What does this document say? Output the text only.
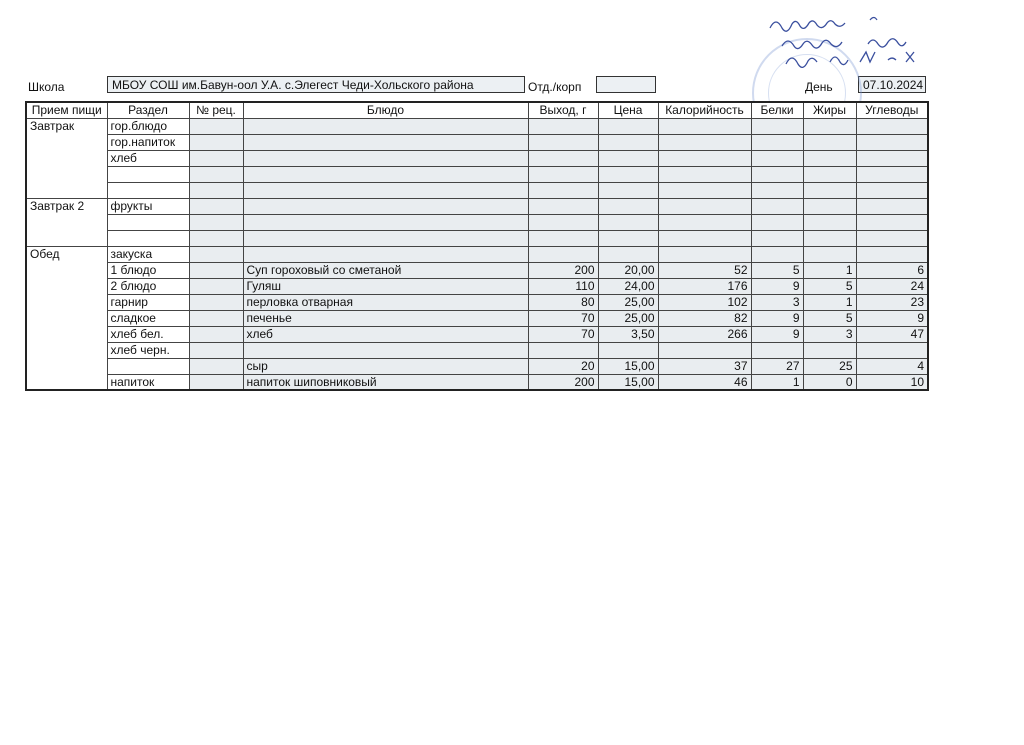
Школа	МБОУ СОШ им.Бавун-оол У.А. с.Элегест Чеди-Хольского района	Отд./корп	День	07.10.2024
Прием пищи	Раздел	№ рец.	Блюдо	Выход, г	Цена	Калорийность	Белки	Жиры	Углеводы
Завтрак	гор.блюдо								
	гор.напиток								
	хлеб								

Завтрак 2	фрукты								

Обед	закуска								
	1 блюдо		Суп гороховый со сметаной	200	20,00	52	5	1	6
	2 блюдо		Гуляш	110	24,00	176	9	5	24
	гарнир		перловка отварная	80	25,00	102	3	1	23
	сладкое		печенье	70	25,00	82	9	5	9
	хлеб бел.		хлеб	70	3,50	266	9	3	47
	хлеб черн.								
			сыр	20	15,00	37	27	25	4
	напиток		напиток шиповниковый	200	15,00	46	1	0	10
